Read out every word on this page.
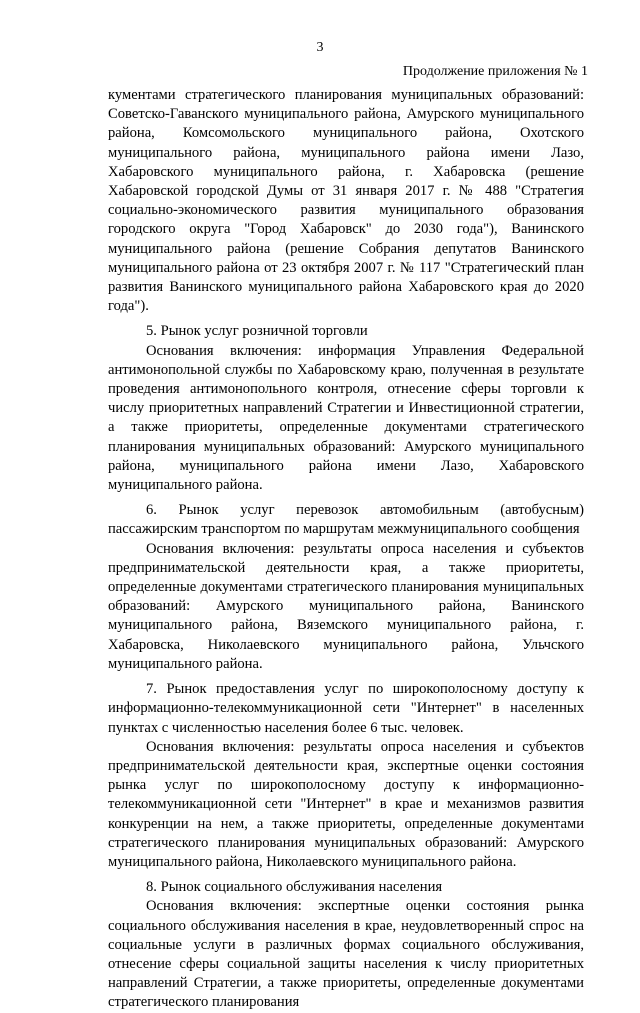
3
Продолжение приложения № 1

кументами стратегического планирования муниципальных образований: Советско-Гаванского муниципального района, Амурского муниципального района, Комсомольского муниципального района, Охотского муниципального района, муниципального района имени Лазо, Хабаровского муниципального района, г. Хабаровска (решение Хабаровской городской Думы от 31 января 2017 г. № 488 "Стратегия социально-экономического развития муниципального образования городского округа "Город Хабаровск" до 2030 года"), Ванинского муниципального района (решение Собрания депутатов Ванинского муниципального района от 23 октября 2007 г. № 117 "Стратегический план развития Ванинского муниципального района Хабаровского края до 2020 года").

5. Рынок услуг розничной торговли

Основания включения: информация Управления Федеральной антимонопольной службы по Хабаровскому краю, полученная в результате проведения антимонопольного контроля, отнесение сферы торговли к числу приоритетных направлений Стратегии и Инвестиционной стратегии, а также приоритеты, определенные документами стратегического планирования муниципальных образований: Амурского муниципального района, муниципального района имени Лазо, Хабаровского муниципального района.

6. Рынок услуг перевозок автомобильным (автобусным) пассажирским транспортом по маршрутам межмуниципального сообщения

Основания включения: результаты опроса населения и субъектов предпринимательской деятельности края, а также приоритеты, определенные документами стратегического планирования муниципальных образований: Амурского муниципального района, Ванинского муниципального района, Вяземского муниципального района, г. Хабаровска, Николаевского муниципального района, Ульчского муниципального района.

7. Рынок предоставления услуг по широкополосному доступу к информационно-телекоммуникационной сети "Интернет" в населенных пунктах с численностью населения более 6 тыс. человек.

Основания включения: результаты опроса населения и субъектов предпринимательской деятельности края, экспертные оценки состояния рынка услуг по широкополосному доступу к информационно-телекоммуникационной сети "Интернет" в крае и механизмов развития конкуренции на нем, а также приоритеты, определенные документами стратегического планирования муниципальных образований: Амурского муниципального района, Николаевского муниципального района.

8. Рынок социального обслуживания населения

Основания включения: экспертные оценки состояния рынка социального обслуживания населения в крае, неудовлетворенный спрос на социальные услуги в различных формах социального обслуживания, отнесение сферы социальной защиты населения к числу приоритетных направлений Стратегии, а также приоритеты, определенные документами стратегического планирования
